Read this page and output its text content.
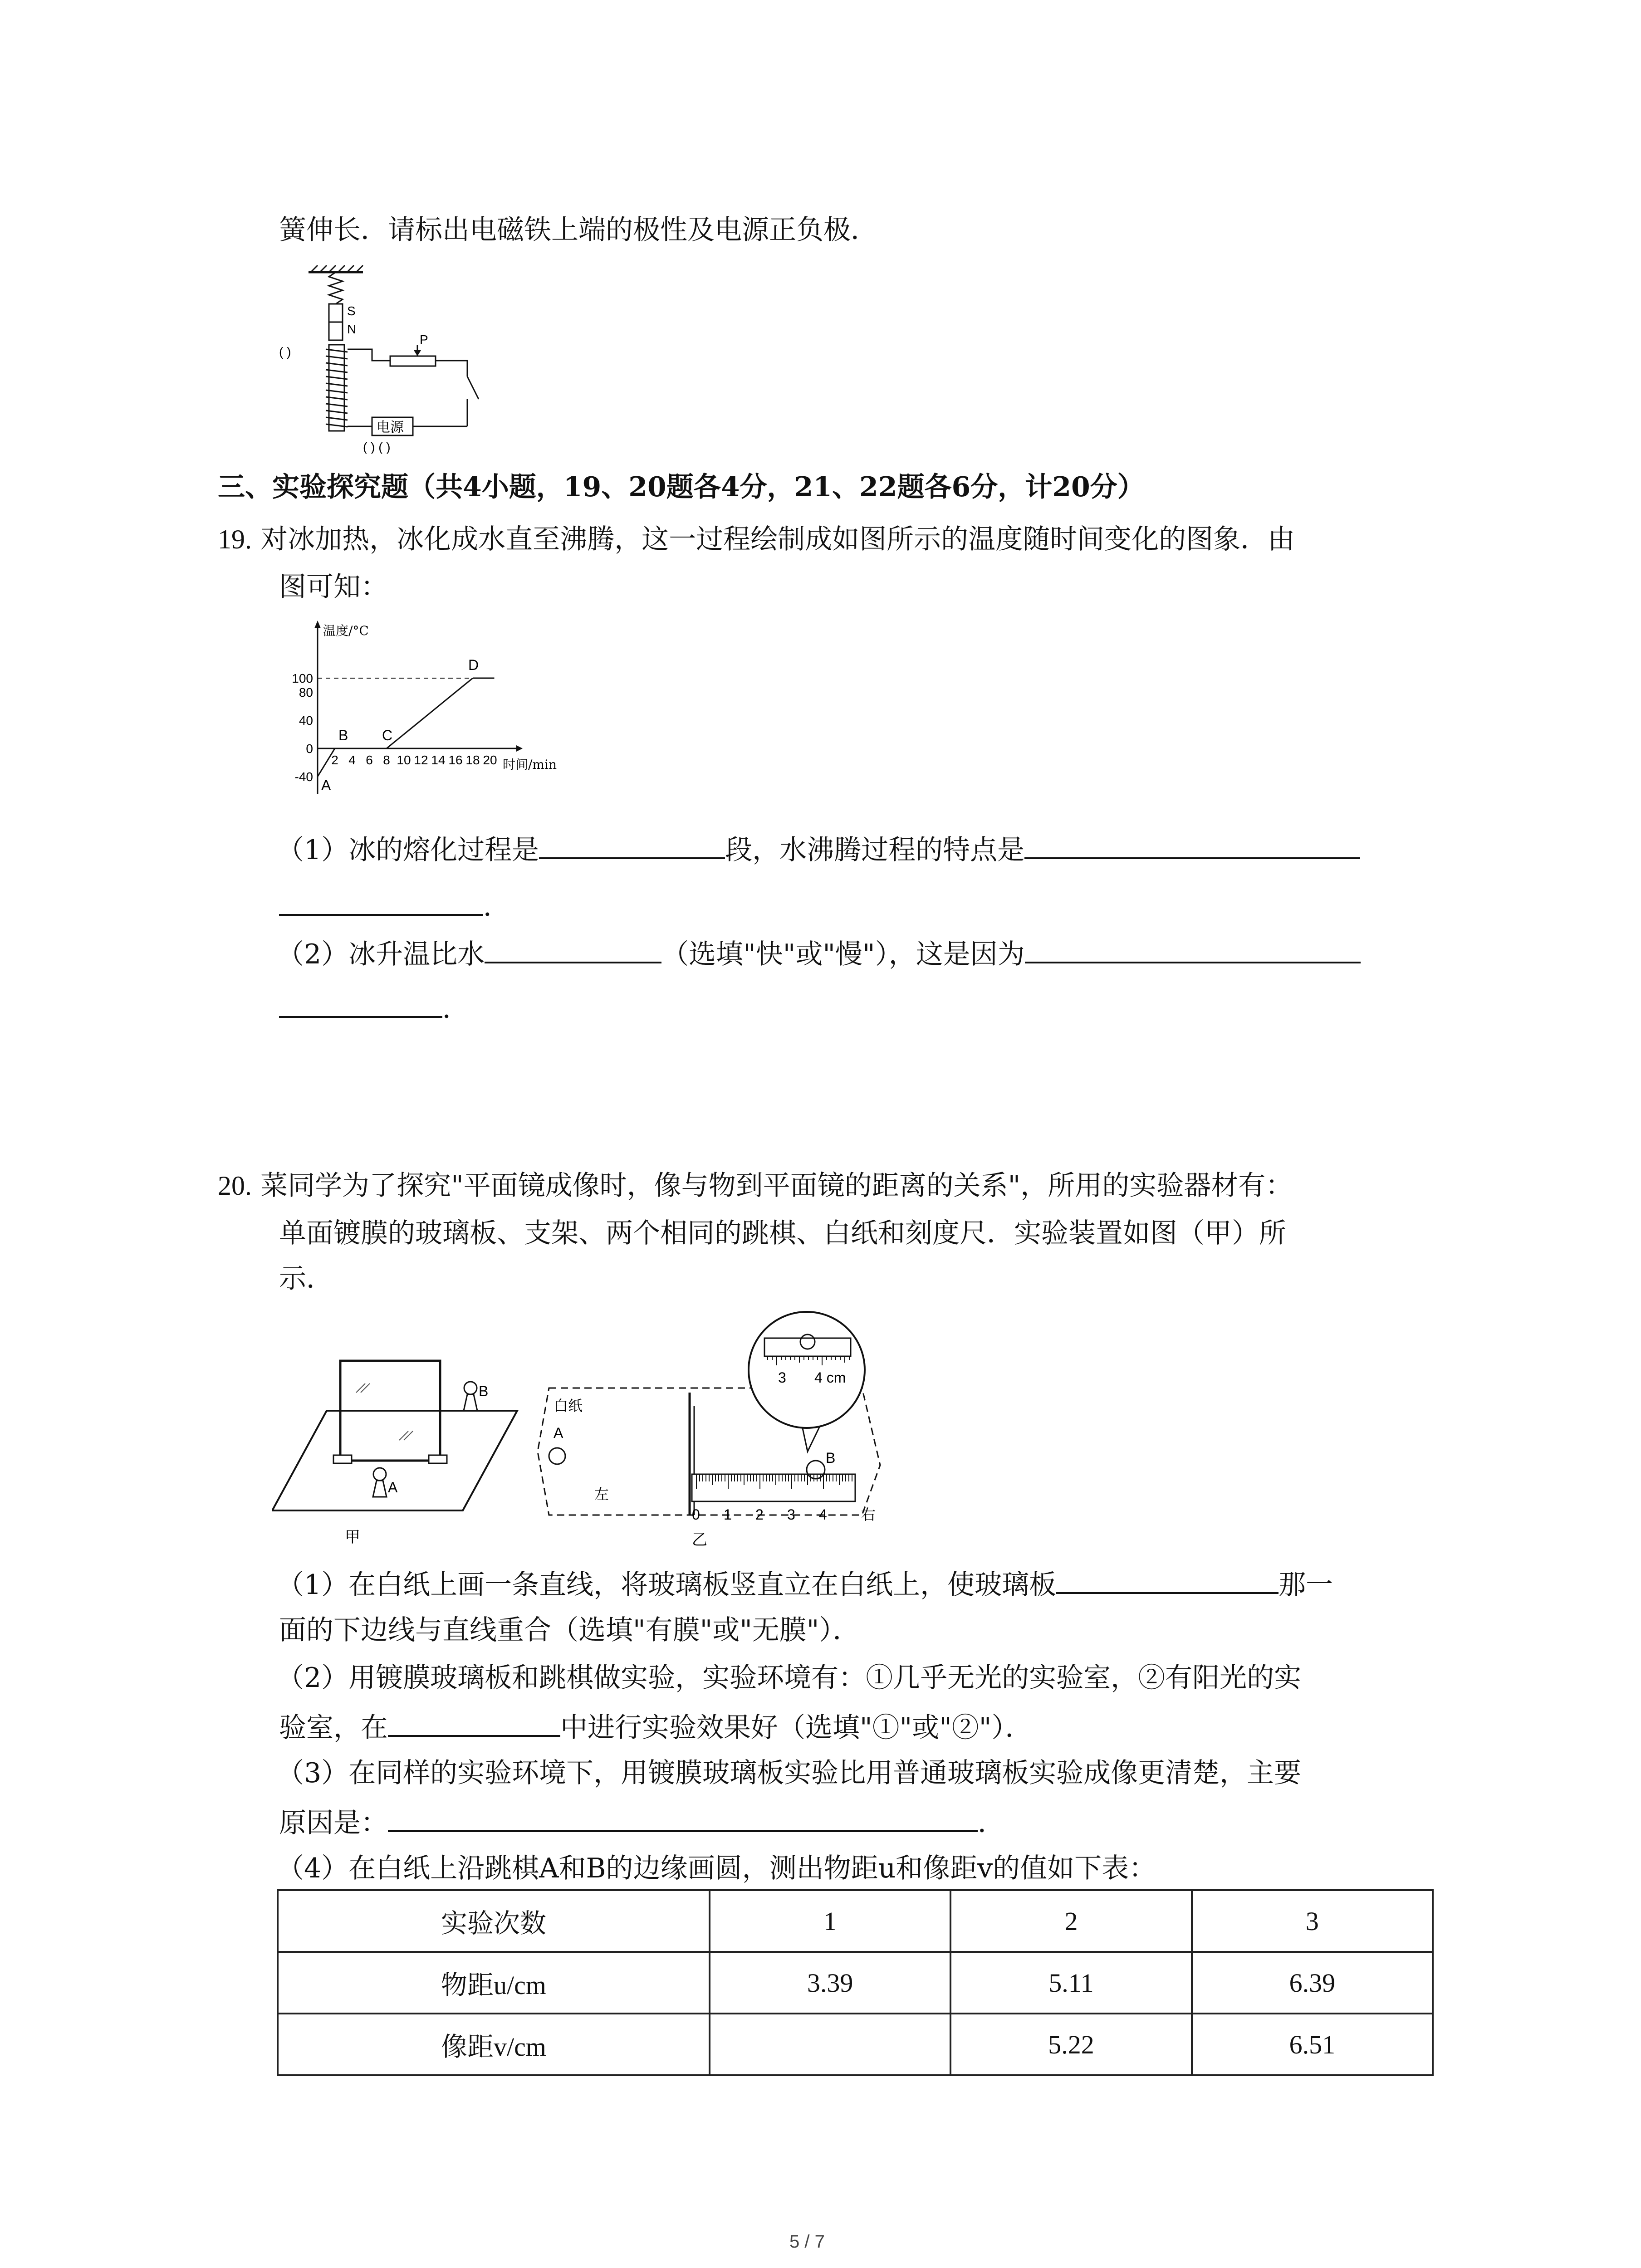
簧伸长．请标出电磁铁上端的极性及电源正负极．
S
N
( )
P
电源
( ) ( )
三、实验探究题（共4小题，19、20题各4分，21、22题各6分，计20分）
19. 对冰加热，冰化成水直至沸腾，这一过程绘制成如图所示的温度随时间变化的图象．由
图可知：
温度/°C
时间/min
100
80
40
0
-40
2 4 6 8 10 12 14 16 18 20
A
B C
D
（1）冰的熔化过程是	段，水沸腾过程的特点是
．
（2）冰升温比水	（选填"快"或"慢"），这是因为
．
20. 菜同学为了探究"平面镜成像时，像与物到平面镜的距离的关系"，所用的实验器材有：
单面镀膜的玻璃板、支架、两个相同的跳棋、白纸和刻度尺．实验装置如图（甲）所
示．
B
A
甲
白纸
A
左
0 1 2 3 4 右
B
3 4 cm
乙
（1）在白纸上画一条直线，将玻璃板竖直立在白纸上，使玻璃板	那一
面的下边线与直线重合（选填"有膜"或"无膜"）．
（2）用镀膜玻璃板和跳棋做实验，实验环境有：①几乎无光的实验室，②有阳光的实
验室，在	中进行实验效果好（选填"①"或"②"）．
（3）在同样的实验环境下，用镀膜玻璃板实验比用普通玻璃板实验成像更清楚，主要
原因是：	．
（4）在白纸上沿跳棋A和B的边缘画圆，测出物距u和像距v的值如下表：
实验次数	1	2	3
物距u/cm	3.39	5.11	6.39
像距v/cm		5.22	6.51
5 / 7
